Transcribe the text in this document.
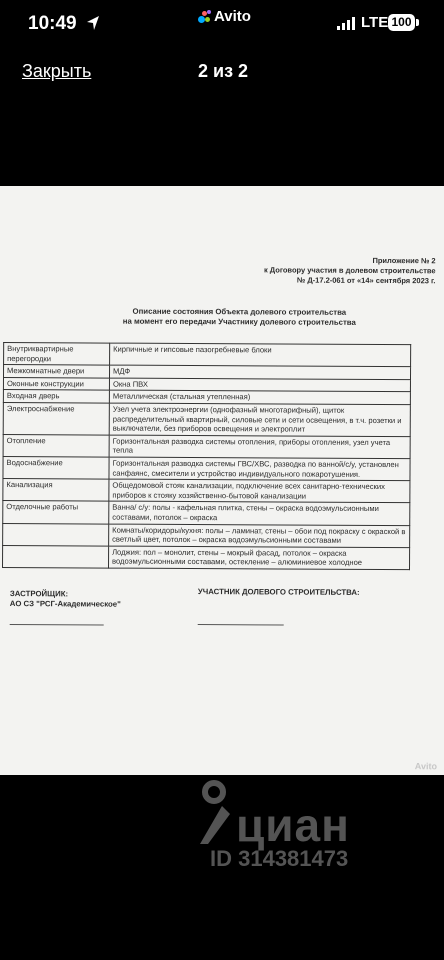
10:49	Avito	LTE 100
Закрыть	2 из 2
Приложение № 2
к Договору участия в долевом строительстве
№ Д-17.2-061 от «14» сентября 2023 г.
Описание состояния Объекта долевого строительства
на момент его передачи Участнику долевого строительства
Внутриквартирные перегородки	Кирпичные и гипсовые пазогребневые блоки
Межкомнатные двери	МДФ
Оконные конструкции	Окна ПВХ
Входная дверь	Металлическая (стальная утепленная)
Электроснабжение	Узел учета электроэнергии (однофазный многотарифный), щиток распределительный квартирный, силовые сети и сети освещения, в т.ч. розетки и выключатели, без приборов освещения и электроплит
Отопление	Горизонтальная разводка системы отопления, приборы отопления, узел учета тепла
Водоснабжение	Горизонтальная разводка системы ГВС/ХВС, разводка по ванной/с/у, установлен санфаянс, смесители и устройство индивидуального пожаротушения.
Канализация	Общедомовой стояк канализации, подключение всех санитарно-технических приборов к стояку хозяйственно-бытовой канализации
Отделочные работы	Ванна/ с/у: полы - кафельная плитка, стены – окраска водоэмульсионными составами, потолок – окраска
	Комнаты/коридоры/кухня: полы – ламинат, стены – обои под покраску с окраской в светлый цвет, потолок – окраска водоэмульсионными составами
	Лоджия: пол – монолит, стены – мокрый фасад, потолок – окраска водоэмульсионными составами, остекление – алюминиевое холодное
ЗАСТРОЙЩИК:
АО СЗ "РСГ-Академическое"
УЧАСТНИК ДОЛЕВОГО СТРОИТЕЛЬСТВА:
Avito
циан
ID 314381473
